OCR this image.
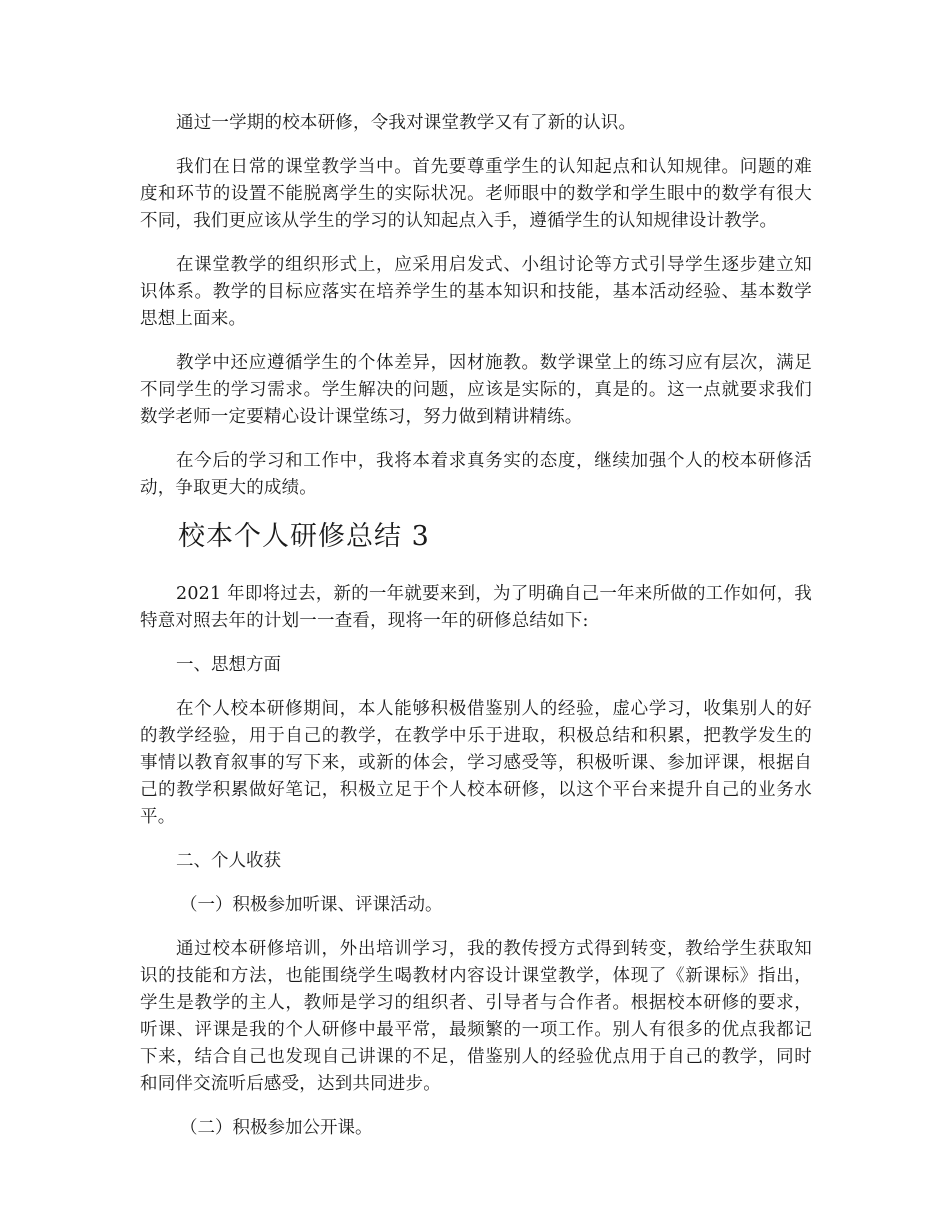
通过一学期的校本研修，令我对课堂教学又有了新的认识。

我们在日常的课堂教学当中。首先要尊重学生的认知起点和认知规律。问题的难度和环节的设置不能脱离学生的实际状况。老师眼中的数学和学生眼中的数学有很大不同，我们更应该从学生的学习的认知起点入手，遵循学生的认知规律设计教学。

在课堂教学的组织形式上，应采用启发式、小组讨论等方式引导学生逐步建立知识体系。教学的目标应落实在培养学生的基本知识和技能，基本活动经验、基本数学思想上面来。

教学中还应遵循学生的个体差异，因材施教。数学课堂上的练习应有层次，满足不同学生的学习需求。学生解决的问题，应该是实际的，真是的。这一点就要求我们数学老师一定要精心设计课堂练习，努力做到精讲精练。

在今后的学习和工作中，我将本着求真务实的态度，继续加强个人的校本研修活动，争取更大的成绩。

校本个人研修总结 3

2021 年即将过去，新的一年就要来到，为了明确自己一年来所做的工作如何，我特意对照去年的计划一一查看，现将一年的研修总结如下:

一、思想方面

在个人校本研修期间，本人能够积极借鉴别人的经验，虚心学习，收集别人的好的教学经验，用于自己的教学，在教学中乐于进取，积极总结和积累，把教学发生的事情以教育叙事的写下来，或新的体会，学习感受等，积极听课、参加评课，根据自己的教学积累做好笔记，积极立足于个人校本研修，以这个平台来提升自己的业务水平。

二、个人收获

（一）积极参加听课、评课活动。

通过校本研修培训，外出培训学习，我的教传授方式得到转变，教给学生获取知识的技能和方法，也能围绕学生喝教材内容设计课堂教学，体现了《新课标》指出，学生是教学的主人，教师是学习的组织者、引导者与合作者。根据校本研修的要求，听课、评课是我的个人研修中最平常，最频繁的一项工作。别人有很多的优点我都记下来，结合自己也发现自己讲课的不足，借鉴别人的经验优点用于自己的教学，同时和同伴交流听后感受，达到共同进步。

（二）积极参加公开课。
